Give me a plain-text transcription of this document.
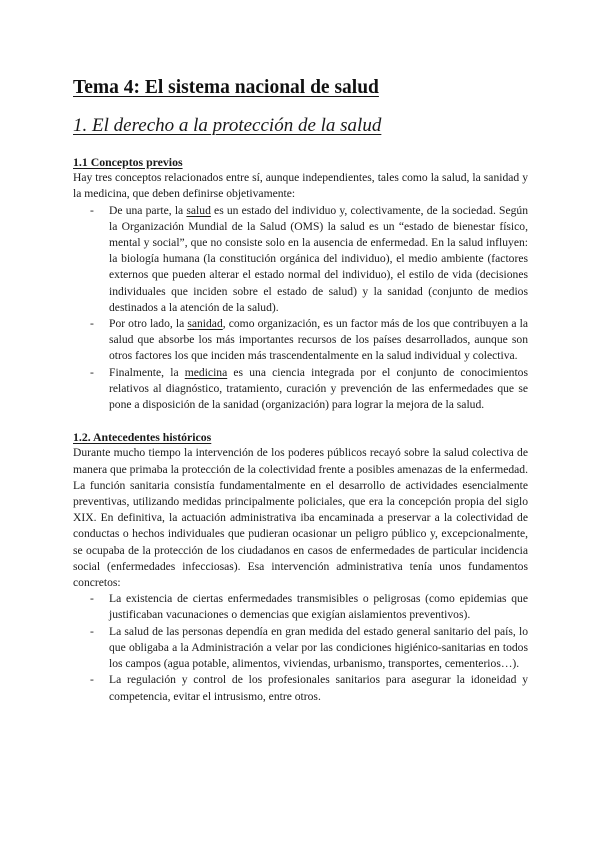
Tema 4: El sistema nacional de salud
1. El derecho a la protección de la salud
1.1 Conceptos previos

Hay tres conceptos relacionados entre sí, aunque independientes, tales como la salud, la sanidad y la medicina, que deben definirse objetivamente:

- De una parte, la salud es un estado del individuo y, colectivamente, de la sociedad. Según la Organización Mundial de la Salud (OMS) la salud es un “estado de bienestar físico, mental y social”, que no consiste solo en la ausencia de enfermedad. En la salud influyen: la biología humana (la constitución orgánica del individuo), el medio ambiente (factores externos que pueden alterar el estado normal del individuo), el estilo de vida (decisiones individuales que inciden sobre el estado de salud) y la sanidad (conjunto de medios destinados a la atención de la salud).
- Por otro lado, la sanidad, como organización, es un factor más de los que contribuyen a la salud que absorbe los más importantes recursos de los países desarrollados, aunque son otros factores los que inciden más trascendentalmente en la salud individual y colectiva.
- Finalmente, la medicina es una ciencia integrada por el conjunto de conocimientos relativos al diagnóstico, tratamiento, curación y prevención de las enfermedades que se pone a disposición de la sanidad (organización) para lograr la mejora de la salud.
1.2. Antecedentes históricos

Durante mucho tiempo la intervención de los poderes públicos recayó sobre la salud colectiva de manera que primaba la protección de la colectividad frente a posibles amenazas de la enfermedad. La función sanitaria consistía fundamentalmente en el desarrollo de actividades esencialmente preventivas, utilizando medidas principalmente policiales, que era la concepción propia del siglo XIX. En definitiva, la actuación administrativa iba encaminada a preservar a la colectividad de conductas o hechos individuales que pudieran ocasionar un peligro público y, excepcionalmente, se ocupaba de la protección de los ciudadanos en casos de enfermedades de particular incidencia social (enfermedades infecciosas). Esa intervención administrativa tenía unos fundamentos concretos:

- La existencia de ciertas enfermedades transmisibles o peligrosas (como epidemias que justificaban vacunaciones o demencias que exigían aislamientos preventivos).
- La salud de las personas dependía en gran medida del estado general sanitario del país, lo que obligaba a la Administración a velar por las condiciones higiénico-sanitarias en todos los campos (agua potable, alimentos, viviendas, urbanismo, transportes, cementerios…).
- La regulación y control de los profesionales sanitarios para asegurar la idoneidad y competencia, evitar el intrusismo, entre otros.
